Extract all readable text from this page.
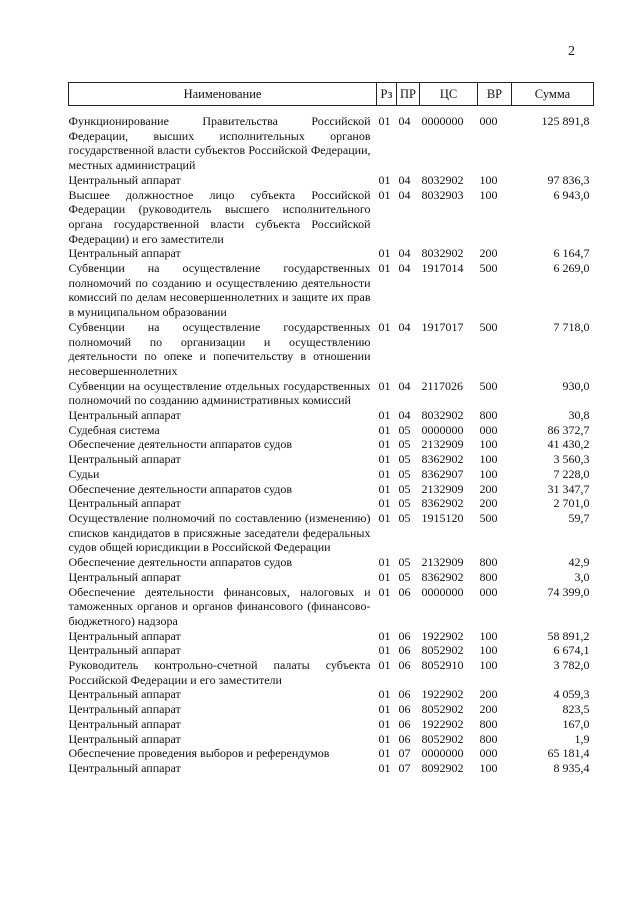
2
Наименование	Рз	ПР	ЦС	ВР	Сумма

Функционирование Правительства Российской Федерации, высших исполнительных органов государственной власти субъектов Российской Федерации, местных администраций	01	04	0000000	000	125 891,8
Центральный аппарат	01	04	8032902	100	97 836,3
Высшее должностное лицо субъекта Российской Федерации (руководитель высшего исполнительного органа государственной власти субъекта Российской Федерации) и его заместители	01	04	8032903	100	6 943,0
Центральный аппарат	01	04	8032902	200	6 164,7
Субвенции на осуществление государственных полномочий по созданию и осуществлению деятельности комиссий по делам несовершеннолетних и защите их прав в муниципальном образовании	01	04	1917014	500	6 269,0
Субвенции на осуществление государственных полномочий по организации и осуществлению деятельности по опеке и попечительству в отношении несовершеннолетних	01	04	1917017	500	7 718,0
Субвенции на осуществление отдельных государственных полномочий по созданию административных комиссий	01	04	2117026	500	930,0
Центральный аппарат	01	04	8032902	800	30,8
Судебная система	01	05	0000000	000	86 372,7
Обеспечение деятельности аппаратов судов	01	05	2132909	100	41 430,2
Центральный аппарат	01	05	8362902	100	3 560,3
Судьи	01	05	8362907	100	7 228,0
Обеспечение деятельности аппаратов судов	01	05	2132909	200	31 347,7
Центральный аппарат	01	05	8362902	200	2 701,0
Осуществление полномочий по составлению (изменению) списков кандидатов в присяжные заседатели федеральных судов общей юрисдикции в Российской Федерации	01	05	1915120	500	59,7
Обеспечение деятельности аппаратов судов	01	05	2132909	800	42,9
Центральный аппарат	01	05	8362902	800	3,0
Обеспечение деятельности финансовых, налоговых и таможенных органов и органов финансового (финансово-бюджетного) надзора	01	06	0000000	000	74 399,0
Центральный аппарат	01	06	1922902	100	58 891,2
Центральный аппарат	01	06	8052902	100	6 674,1
Руководитель контрольно-счетной палаты субъекта Российской Федерации и его заместители	01	06	8052910	100	3 782,0
Центральный аппарат	01	06	1922902	200	4 059,3
Центральный аппарат	01	06	8052902	200	823,5
Центральный аппарат	01	06	1922902	800	167,0
Центральный аппарат	01	06	8052902	800	1,9
Обеспечение проведения выборов и референдумов	01	07	0000000	000	65 181,4
Центральный аппарат	01	07	8092902	100	8 935,4
